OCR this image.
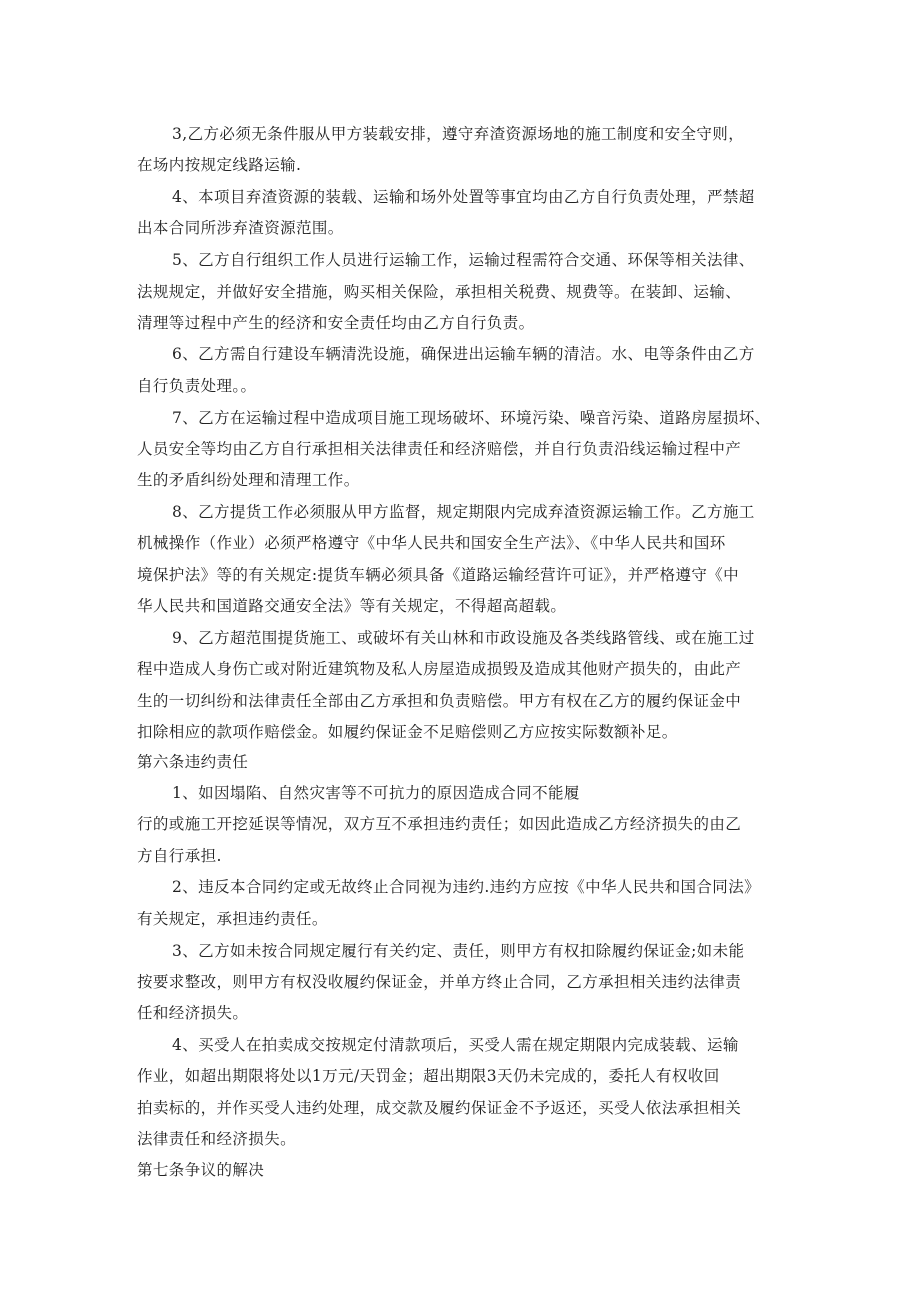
3,乙方必须无条件服从甲方装载安排，遵守弃渣资源场地的施工制度和安全守则，
在场内按规定线路运输.
4、本项目弃渣资源的装载、运输和场外处置等事宜均由乙方自行负责处理，严禁超
出本合同所涉弃渣资源范围。
5、乙方自行组织工作人员进行运输工作，运输过程需符合交通、环保等相关法律、
法规规定，并做好安全措施，购买相关保险，承担相关税费、规费等。在装卸、运输、
清理等过程中产生的经济和安全责任均由乙方自行负责。
6、乙方需自行建设车辆清洗设施，确保进出运输车辆的清洁。水、电等条件由乙方
自行负责处理。。
7、乙方在运输过程中造成项目施工现场破坏、环境污染、噪音污染、道路房屋损坏、
人员安全等均由乙方自行承担相关法律责任和经济赔偿，并自行负责沿线运输过程中产
生的矛盾纠纷处理和清理工作。
8、乙方提货工作必须服从甲方监督，规定期限内完成弃渣资源运输工作。乙方施工
机械操作（作业）必须严格遵守《中华人民共和国安全生产法》、《中华人民共和国环
境保护法》等的有关规定:提货车辆必须具备《道路运输经营许可证》，并严格遵守《中
华人民共和国道路交通安全法》等有关规定，不得超高超载。
9、乙方超范围提货施工、或破坏有关山林和市政设施及各类线路管线、或在施工过
程中造成人身伤亡或对附近建筑物及私人房屋造成损毁及造成其他财产损失的，由此产
生的一切纠纷和法律责任全部由乙方承担和负责赔偿。甲方有权在乙方的履约保证金中
扣除相应的款项作赔偿金。如履约保证金不足赔偿则乙方应按实际数额补足。
第六条违约责任
1、如因塌陷、自然灾害等不可抗力的原因造成合同不能履
行的或施工开挖延误等情况，双方互不承担违约责任；如因此造成乙方经济损失的由乙
方自行承担.
2、违反本合同约定或无故终止合同视为违约.违约方应按《中华人民共和国合同法》
有关规定，承担违约责任。
3、乙方如未按合同规定履行有关约定、责任，则甲方有权扣除履约保证金;如未能
按要求整改，则甲方有权没收履约保证金，并单方终止合同，乙方承担相关违约法律责
任和经济损失。
4、买受人在拍卖成交按规定付清款项后，买受人需在规定期限内完成装载、运输
作业，如超出期限将处以1万元/天罚金；超出期限3天仍未完成的，委托人有权收回
拍卖标的，并作买受人违约处理，成交款及履约保证金不予返还，买受人依法承担相关
法律责任和经济损失。
第七条争议的解决
